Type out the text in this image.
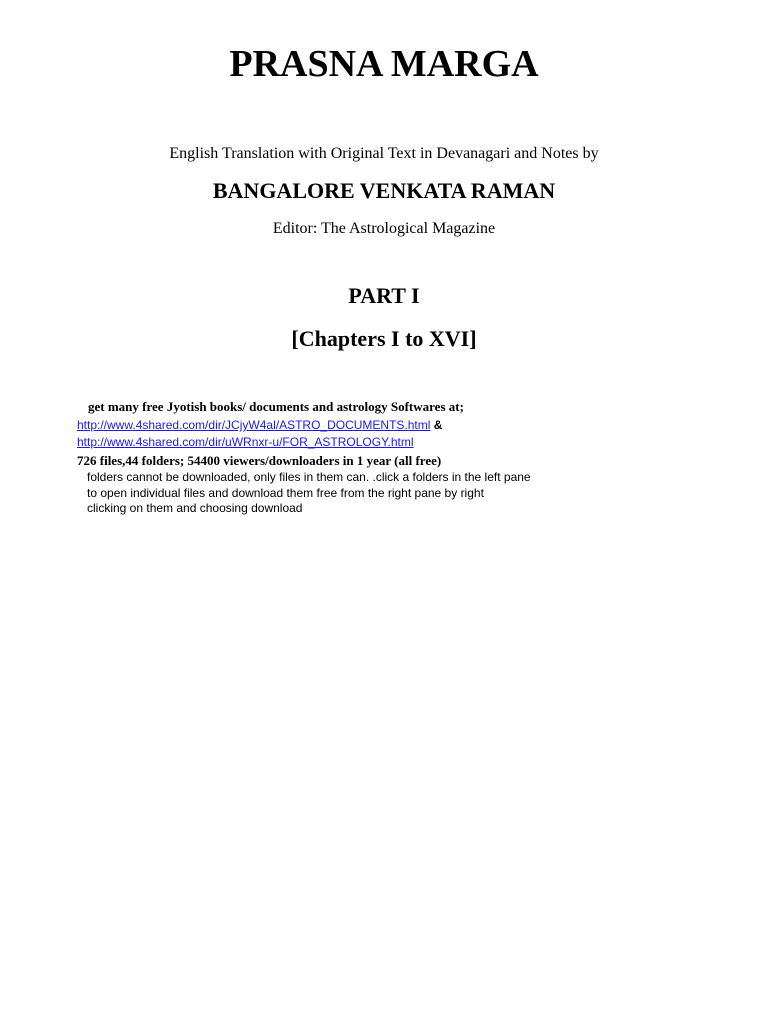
PRASNA MARGA
English Translation with Original Text in Devanagari and Notes by
BANGALORE VENKATA RAMAN
Editor: The Astrological Magazine
PART I
[Chapters I to XVI]
get many free Jyotish books/ documents and astrology Softwares at;
http://www.4shared.com/dir/JCjyW4al/ASTRO_DOCUMENTS.html &
http://www.4shared.com/dir/uWRnxr-u/FOR_ASTROLOGY.html
726 files,44 folders; 54400 viewers/downloaders in 1 year (all free)
folders cannot be downloaded, only files in them can. .click a folders in the left pane
to open individual files and download them free from the right pane by right
clicking on them and choosing download
